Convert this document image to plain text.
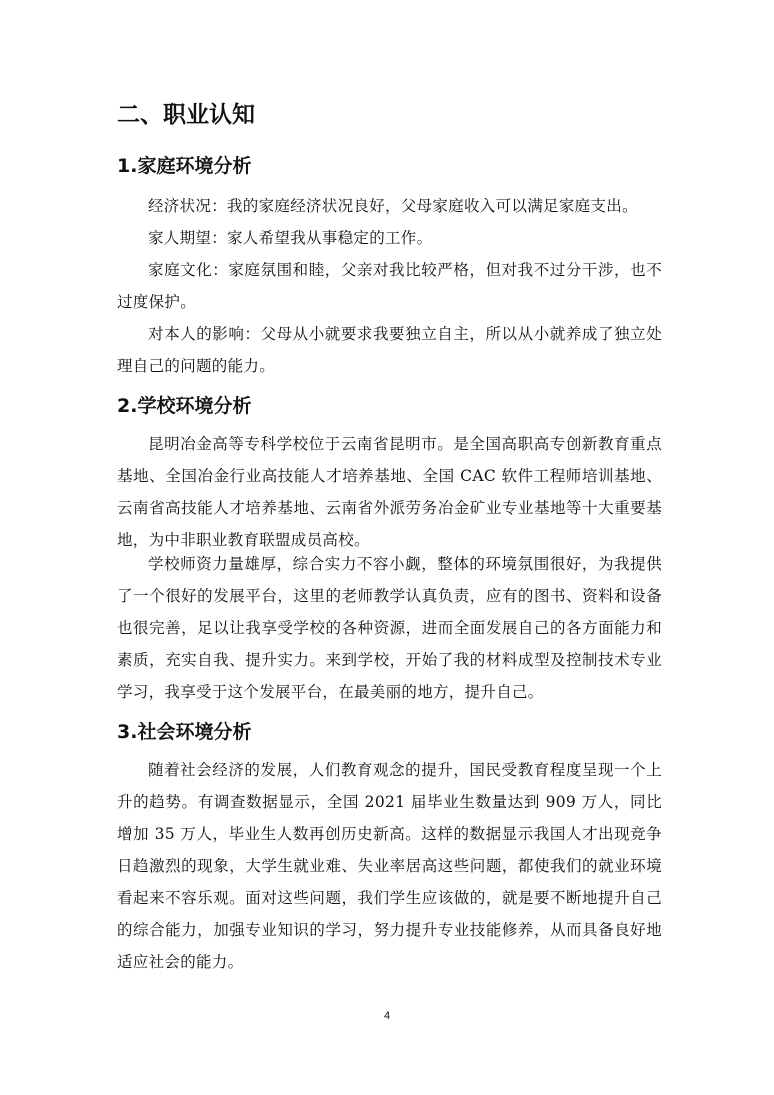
二、职业认知
1.家庭环境分析

经济状况：我的家庭经济状况良好，父母家庭收入可以满足家庭支出。

家人期望：家人希望我从事稳定的工作。

家庭文化：家庭氛围和睦，父亲对我比较严格，但对我不过分干涉，也不过度保护。

对本人的影响：父母从小就要求我要独立自主，所以从小就养成了独立处理自己的问题的能力。

2.学校环境分析

昆明冶金高等专科学校位于云南省昆明市。是全国高职高专创新教育重点基地、全国冶金行业高技能人才培养基地、全国 CAC 软件工程师培训基地、云南省高技能人才培养基地、云南省外派劳务冶金矿业专业基地等十大重要基地，为中非职业教育联盟成员高校。

学校师资力量雄厚，综合实力不容小觑，整体的环境氛围很好，为我提供了一个很好的发展平台，这里的老师教学认真负责，应有的图书、资料和设备也很完善，足以让我享受学校的各种资源，进而全面发展自己的各方面能力和素质，充实自我、提升实力。来到学校，开始了我的材料成型及控制技术专业学习，我享受于这个发展平台，在最美丽的地方，提升自己。

3.社会环境分析

随着社会经济的发展，人们教育观念的提升，国民受教育程度呈现一个上升的趋势。有调查数据显示，全国 2021 届毕业生数量达到 909 万人，同比增加 35 万人，毕业生人数再创历史新高。这样的数据显示我国人才出现竞争日趋激烈的现象，大学生就业难、失业率居高这些问题，都使我们的就业环境看起来不容乐观。面对这些问题，我们学生应该做的，就是要不断地提升自己的综合能力，加强专业知识的学习，努力提升专业技能修养，从而具备良好地适应社会的能力。

4
